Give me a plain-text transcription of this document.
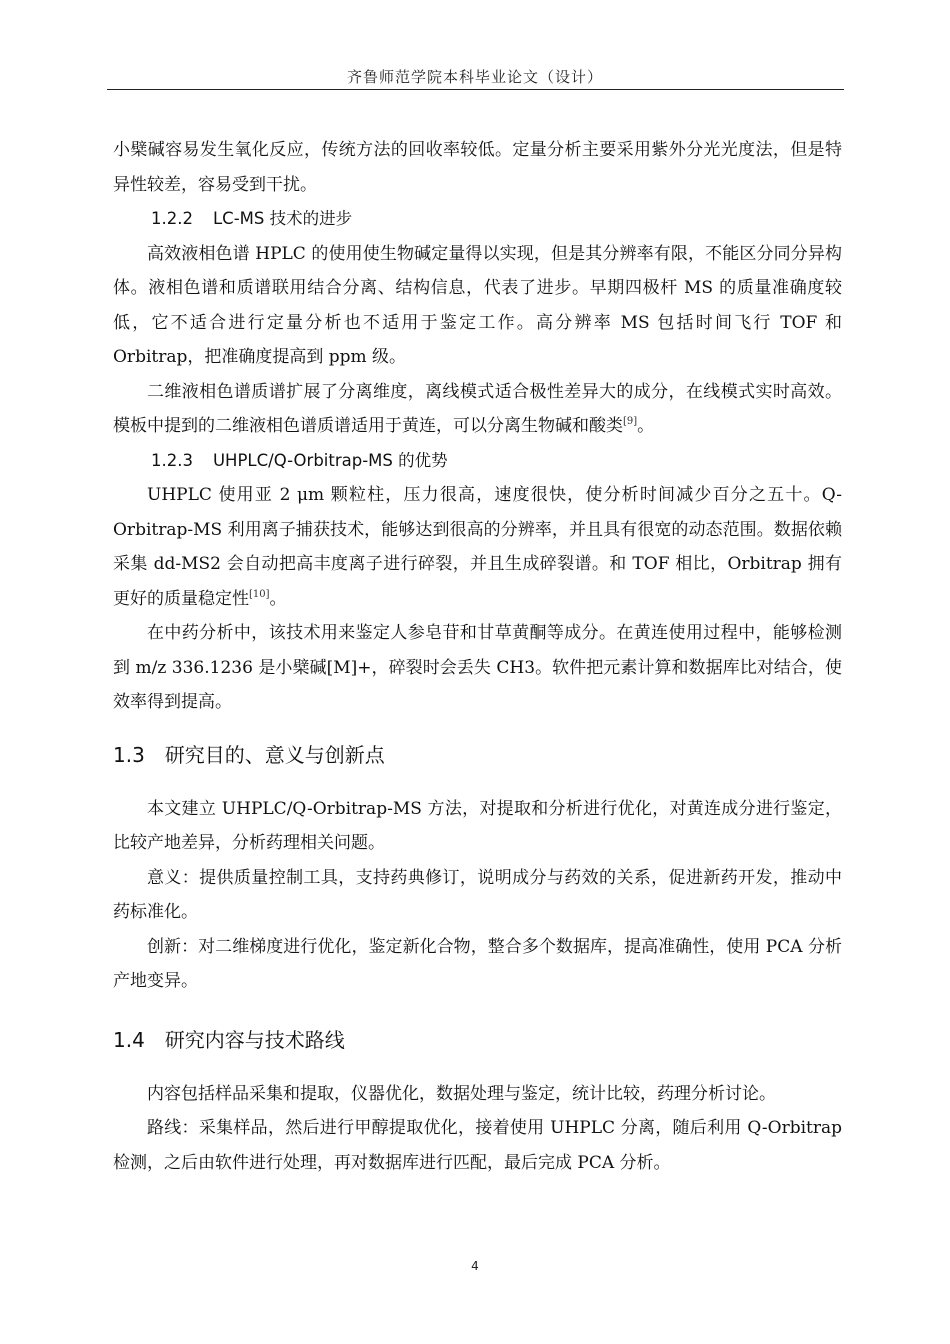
齐鲁师范学院本科毕业论文（设计）

小檗碱容易发生氧化反应，传统方法的回收率较低。定量分析主要采用紫外分光光度法，但是特异性较差，容易受到干扰。

1.2.2 LC-MS 技术的进步

高效液相色谱 HPLC 的使用使生物碱定量得以实现，但是其分辨率有限，不能区分同分异构体。液相色谱和质谱联用结合分离、结构信息，代表了进步。早期四极杆 MS 的质量准确度较低，它不适合进行定量分析也不适用于鉴定工作。高分辨率 MS 包括时间飞行 TOF 和 Orbitrap，把准确度提高到 ppm 级。

二维液相色谱质谱扩展了分离维度，离线模式适合极性差异大的成分，在线模式实时高效。模板中提到的二维液相色谱质谱适用于黄连，可以分离生物碱和酸类[9]。

1.2.3 UHPLC/Q-Orbitrap-MS 的优势

UHPLC 使用亚 2 μm 颗粒柱，压力很高，速度很快，使分析时间减少百分之五十。Q-Orbitrap-MS 利用离子捕获技术，能够达到很高的分辨率，并且具有很宽的动态范围。数据依赖采集 dd-MS2 会自动把高丰度离子进行碎裂，并且生成碎裂谱。和 TOF 相比，Orbitrap 拥有更好的质量稳定性[10]。

在中药分析中，该技术用来鉴定人参皂苷和甘草黄酮等成分。在黄连使用过程中，能够检测到 m/z 336.1236 是小檗碱[M]+，碎裂时会丢失 CH3。软件把元素计算和数据库比对结合，使效率得到提高。

1.3 研究目的、意义与创新点

本文建立 UHPLC/Q-Orbitrap-MS 方法，对提取和分析进行优化，对黄连成分进行鉴定，比较产地差异，分析药理相关问题。

意义：提供质量控制工具，支持药典修订，说明成分与药效的关系，促进新药开发，推动中药标准化。

创新：对二维梯度进行优化，鉴定新化合物，整合多个数据库，提高准确性，使用 PCA 分析产地变异。

1.4 研究内容与技术路线

内容包括样品采集和提取，仪器优化，数据处理与鉴定，统计比较，药理分析讨论。

路线：采集样品，然后进行甲醇提取优化，接着使用 UHPLC 分离，随后利用 Q-Orbitrap 检测，之后由软件进行处理，再对数据库进行匹配，最后完成 PCA 分析。

4
